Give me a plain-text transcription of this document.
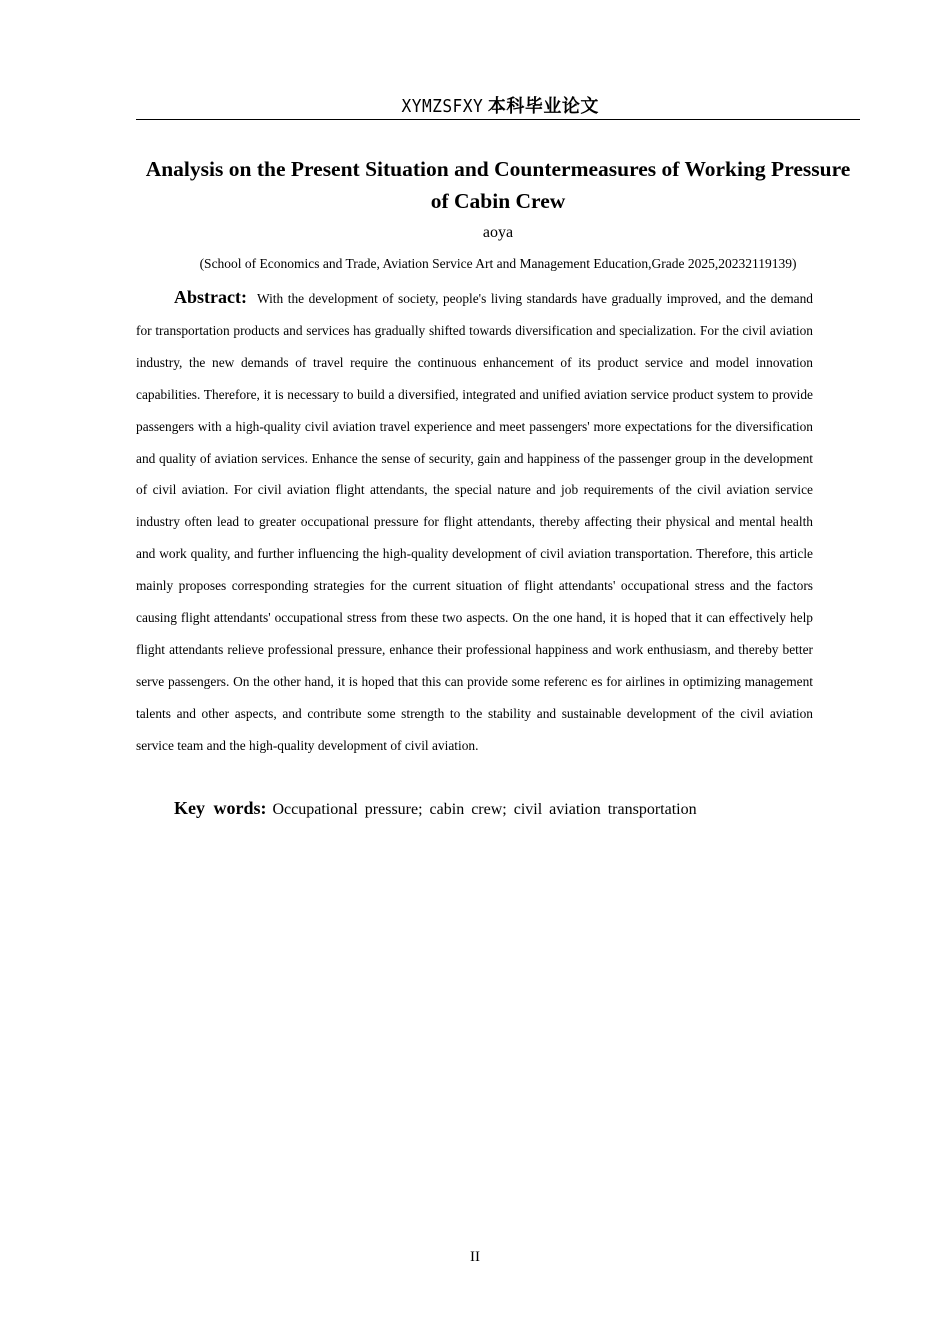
XYMZSFXY 本科毕业论文
Analysis on the Present Situation and Countermeasures of Working Pressure of Cabin Crew
aoya
(School of Economics and Trade, Aviation Service Art and Management Education,Grade 2025,20232119139)

Abstract: With the development of society, people's living standards have gradually improved, and the demand for transportation products and services has gradually shifted towards diversification and specialization. For the civil aviation industry, the new demands of travel require the continuous enhancement of its product service and model innovation capabilities. Therefore, it is necessary to build a diversified, integrated and unified aviation service product system to provide passengers with a high-quality civil aviation travel experience and meet passengers' more expectations for the diversification and quality of aviation services. Enhance the sense of security, gain and happiness of the passenger group in the development of civil aviation. For civil aviation flight attendants, the special nature and job requirements of the civil aviation service industry often lead to greater occupational pressure for flight attendants, thereby affecting their physical and mental health and work quality, and further influencing the high-quality development of civil aviation transportation. Therefore, this article mainly proposes corresponding strategies for the current situation of flight attendants' occupational stress and the factors causing flight attendants' occupational stress from these two aspects. On the one hand, it is hoped that it can effectively help flight attendants relieve professional pressure, enhance their professional happiness and work enthusiasm, and thereby better serve passengers. On the other hand, it is hoped that this can provide some referenc es for airlines in optimizing management talents and other aspects, and contribute some strength to the stability and sustainable development of the civil aviation service team and the high-quality development of civil aviation.

Key words: Occupational pressure; cabin crew; civil aviation transportation
II
